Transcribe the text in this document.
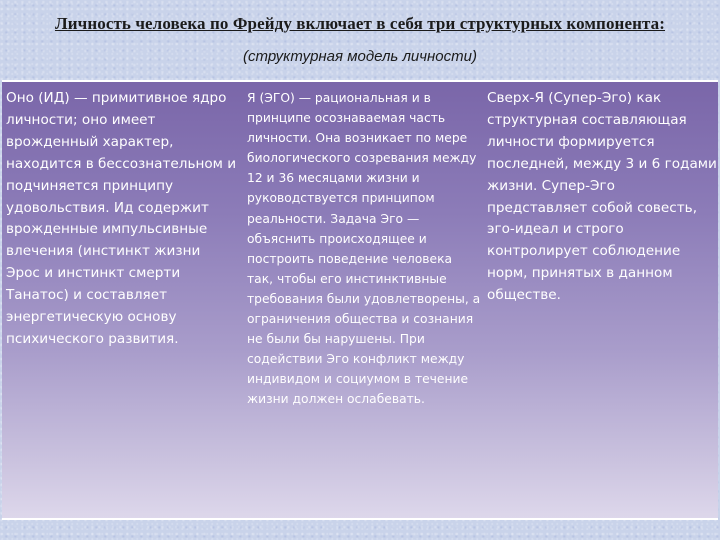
Личность человека по Фрейду включает в себя три структурных компонента:
(структурная модель личности)

Оно (ИД) — примитивное ядро личности; оно имеет врожденный характер, находится в бессознательном и подчиняется принципу удовольствия. Ид содержит врожденные импульсивные влечения (инстинкт жизни Эрос и инстинкт смерти Танатос) и составляет энергетическую основу психического развития.

Я (ЭГО) — рациональная и в принципе осознаваемая часть личности. Она возникает по мере биологического созревания между 12 и 36 месяцами жизни и руководствуется принципом реальности. Задача Эго — объяснить происходящее и построить поведение человека так, чтобы его инстинктивные требования были удовлетворены, а ограничения общества и сознания не были бы нарушены. При содействии Эго конфликт между индивидом и социумом в течение жизни должен ослабевать.

Сверх-Я (Супер-Эго) как структурная составляющая личности формируется последней, между 3 и 6 годами жизни. Супер-Эго представляет собой совесть, эго-идеал и строго контролирует соблюдение норм, принятых в данном обществе.
